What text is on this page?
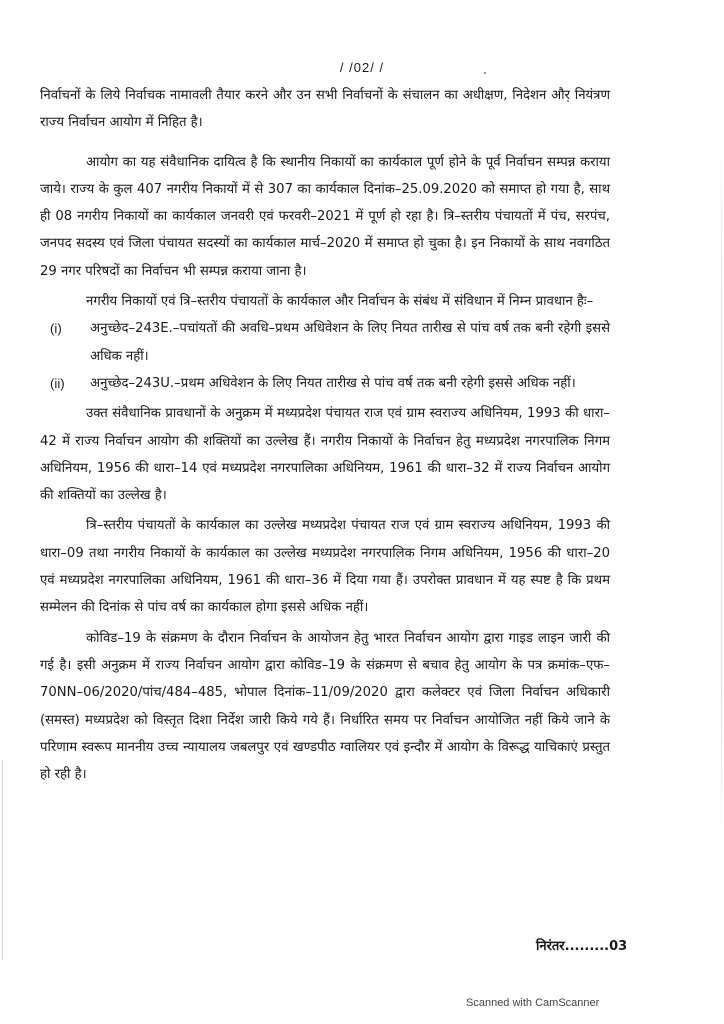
/ /02/ /

निर्वाचनों के लिये निर्वाचक नामावली तैयार करने और उन सभी निर्वाचनों के संचालन का अधीक्षण, निदेशन और नियंत्रण राज्य निर्वाचन आयोग में निहित है।

आयोग का यह संवैधानिक दायित्व है कि स्थानीय निकायों का कार्यकाल पूर्ण होने के पूर्व निर्वाचन सम्पन्न कराया जाये। राज्य के कुल 407 नगरीय निकायों में से 307 का कार्यकाल दिनांक–25.09.2020 को समाप्त हो गया है, साथ ही 08 नगरीय निकायों का कार्यकाल जनवरी एवं फरवरी–2021 में पूर्ण हो रहा है। त्रि–स्तरीय पंचायतों में पंच, सरपंच, जनपद सदस्य एवं जिला पंचायत सदस्यों का कार्यकाल मार्च–2020 में समाप्त हो चुका है। इन निकायों के साथ नवगठित 29 नगर परिषदों का निर्वाचन भी सम्पन्न कराया जाना है।

नगरीय निकायों एवं त्रि–स्तरीय पंचायतों के कार्यकाल और निर्वाचन के संबंध में संविधान में निम्न प्रावधान हैः–

(i) अनुच्छेद–243E.–पचांयतों की अवधि–प्रथम अधिवेशन के लिए नियत तारीख से पांच वर्ष तक बनी रहेगी इससे अधिक नहीं।
(ii) अनुच्छेद–243U.–प्रथम अधिवेशन के लिए नियत तारीख से पांच वर्ष तक बनी रहेगी इससे अधिक नहीं।

उक्त संवैधानिक प्रावधानों के अनुक्रम में मध्यप्रदेश पंचायत राज एवं ग्राम स्वराज्य अधिनियम, 1993 की धारा–42 में राज्य निर्वाचन आयोग की शक्तियों का उल्लेख हैं। नगरीय निकायों के निर्वाचन हेतु मध्यप्रदेश नगरपालिक निगम अधिनियम, 1956 की धारा–14 एवं मध्यप्रदेश नगरपालिका अधिनियम, 1961 की धारा–32 में राज्य निर्वाचन आयोग की शक्तियों का उल्लेख है।

त्रि–स्तरीय पंचायतों के कार्यकाल का उल्लेख मध्यप्रदेश पंचायत राज एवं ग्राम स्वराज्य अधिनियम, 1993 की धारा–09 तथा नगरीय निकायों के कार्यकाल का उल्लेख मध्यप्रदेश नगरपालिक निगम अधिनियम, 1956 की धारा–20 एवं मध्यप्रदेश नगरपालिका अधिनियम, 1961 की धारा–36 में दिया गया हैं। उपरोक्त प्रावधान में यह स्पष्ट है कि प्रथम सम्मेलन की दिनांक से पांच वर्ष का कार्यकाल होगा इससे अधिक नहीं।

कोविड–19 के संक्रमण के दौरान निर्वाचन के आयोजन हेतु भारत निर्वाचन आयोग द्वारा गाइड लाइन जारी की गई है। इसी अनुक्रम में राज्य निर्वाचन आयोग द्वारा कोविड–19 के संक्रमण से बचाव हेतु आयोग के पत्र क्रमांक–एफ–70NN–06/2020/पांच/484–485, भोपाल दिनांक–11/09/2020 द्वारा कलेक्टर एवं जिला निर्वाचन अधिकारी (समस्त) मध्यप्रदेश को विस्तृत दिशा निर्देश जारी किये गये हैं। निर्धारित समय पर निर्वाचन आयोजित नहीं किये जाने के परिणाम स्वरूप माननीय उच्च न्यायालय जबलपुर एवं खण्डपीठ ग्वालियर एवं इन्दौर में आयोग के विरूद्ध याचिकाएं प्रस्तुत हो रही है।

निरंतर.........03
Scanned with CamScanner
